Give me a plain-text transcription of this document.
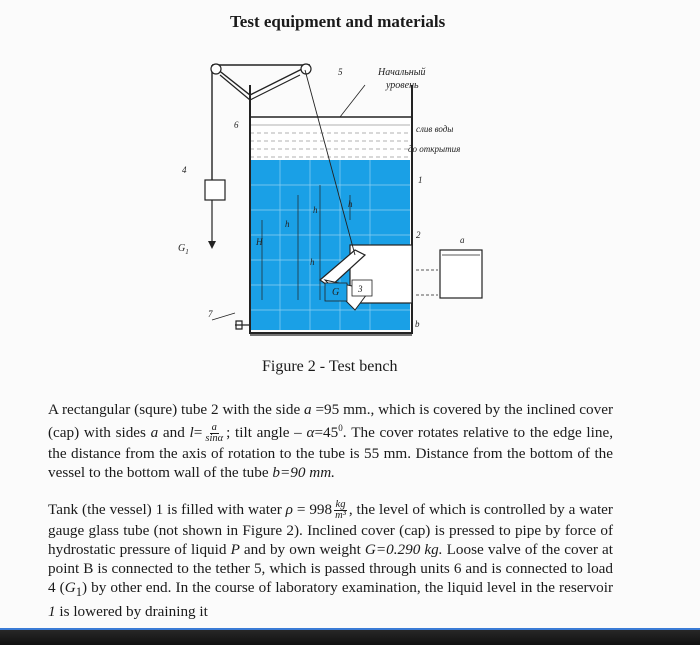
Test equipment and materials
Начальный
уровень
слив воды
до открытия
5
6
4
1
2
3
7
$G_1$
H
h
h
h
h
G
a
b
Figure 2 - Test bench

A rectangular (squre) tube 2 with the side a =95 mm., which is covered by the inclined cover (cap) with sides a and $l= \frac{a}{\sin\alpha}$ ; tilt angle – $\alpha=45^0$. The cover rotates relative to the edge line, the distance from the axis of rotation to the tube is 55 mm. Distance from the bottom of the vessel to the bottom wall of the tube b=90 mm.

Tank (the vessel) 1 is filled with water $\rho = 998 \frac{kg}{\text{m³}}$ , the level of which is controlled by a water gauge glass tube (not shown in Figure 2). Inclined cover (cap) is pressed to pipe by force of hydrostatic pressure of liquid P and by own weight G=0.290 kg. Loose valve of the cover at point B is connected to the tether 5, which is passed through units 6 and is connected to load 4 $(G_1)$ by other end. In the course of laboratory examination, the liquid level in the reservoir 1 is lowered by draining it
